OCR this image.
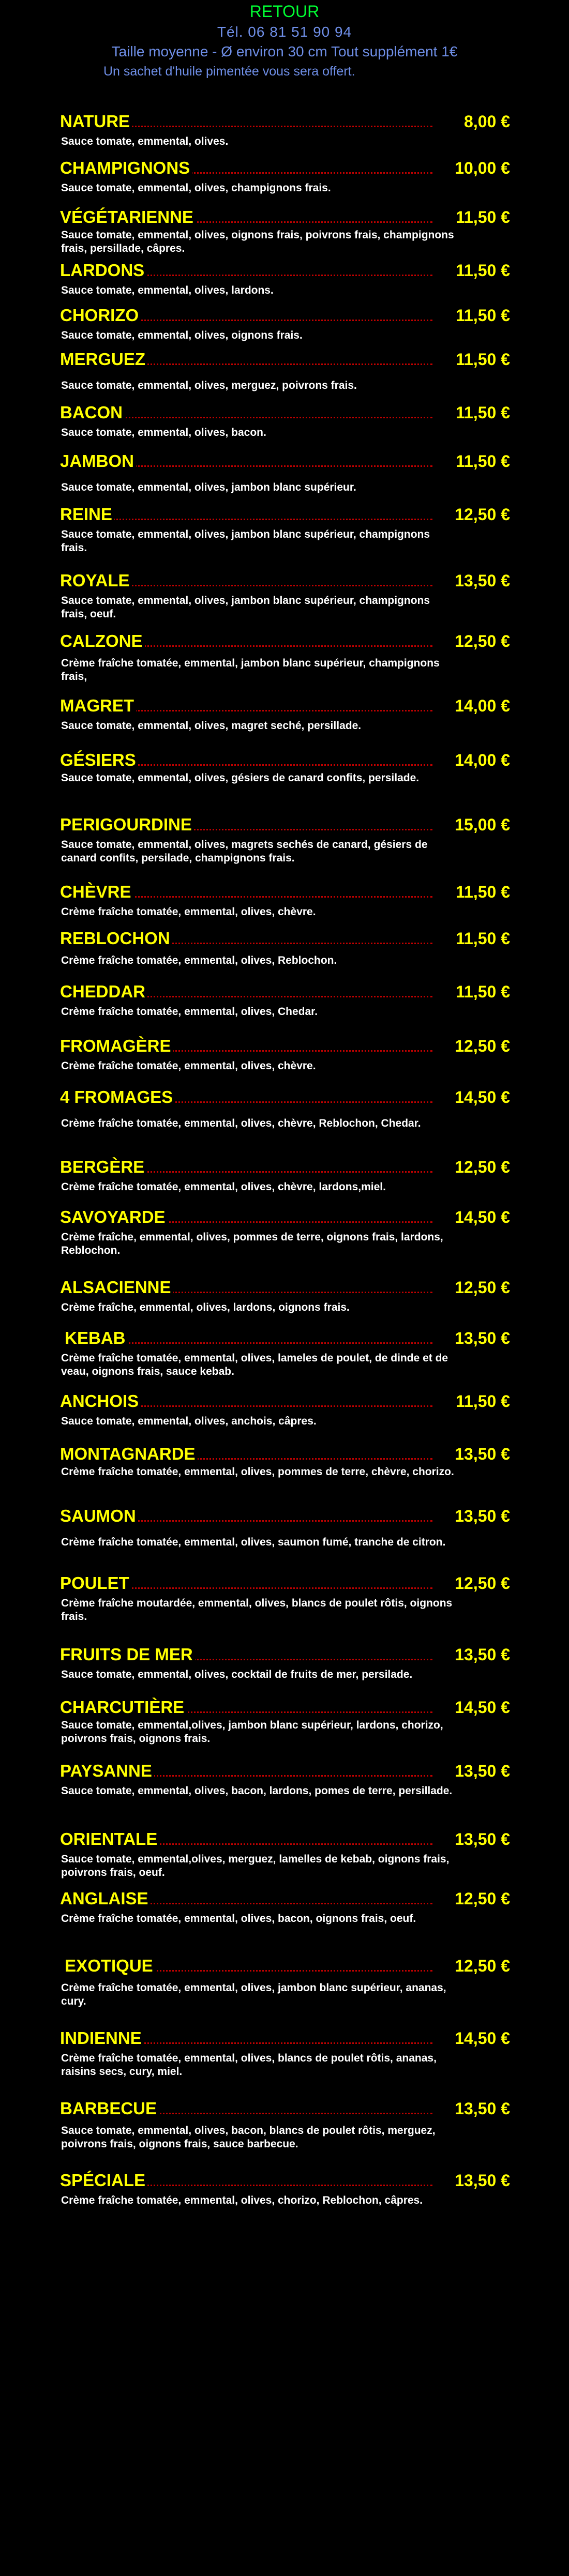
RETOUR
Tél. 06 81 51 90 94
Taille moyenne - Ø environ 30 cm Tout supplément 1€
Un sachet d'huile pimentée vous sera offert.
NATURE	8,00 €
Sauce tomate, emmental, olives.
CHAMPIGNONS	10,00 €
Sauce tomate, emmental, olives, champignons frais.
VÉGÉTARIENNE	11,50 €
Sauce tomate, emmental, olives, oignons frais, poivrons frais, champignons frais, persillade, câpres.
LARDONS	11,50 €
Sauce tomate, emmental, olives, lardons.
CHORIZO	11,50 €
Sauce tomate, emmental, olives, oignons frais.
MERGUEZ	11,50 €
Sauce tomate, emmental, olives, merguez, poivrons frais.
BACON	11,50 €
Sauce tomate, emmental, olives, bacon.
JAMBON	11,50 €
Sauce tomate, emmental, olives, jambon blanc supérieur.
REINE	12,50 €
Sauce tomate, emmental, olives, jambon blanc supérieur, champignons frais.
ROYALE	13,50 €
Sauce tomate, emmental, olives, jambon blanc supérieur, champignons frais, oeuf.
CALZONE	12,50 €
Crème fraîche tomatée, emmental, jambon blanc supérieur, champignons frais,
MAGRET	14,00 €
Sauce tomate, emmental, olives, magret seché, persillade.
GÉSIERS	14,00 €
Sauce tomate, emmental, olives, gésiers de canard confits, persilade.
PERIGOURDINE	15,00 €
Sauce tomate, emmental, olives, magrets sechés de canard, gésiers de canard confits, persilade, champignons frais.
CHÈVRE	11,50 €
Crème fraîche tomatée, emmental, olives, chèvre.
REBLOCHON	11,50 €
Crème fraîche tomatée, emmental, olives, Reblochon.
CHEDDAR	11,50 €
Crème fraîche tomatée, emmental, olives, Chedar.
FROMAGÈRE	12,50 €
Crème fraîche tomatée, emmental, olives, chèvre.
4 FROMAGES	14,50 €
Crème fraîche tomatée, emmental, olives, chèvre, Reblochon, Chedar.
BERGÈRE	12,50 €
Crème fraîche tomatée, emmental, olives, chèvre, lardons,miel.
SAVOYARDE	14,50 €
Crème fraîche, emmental, olives, pommes de terre, oignons frais, lardons, Reblochon.
ALSACIENNE	12,50 €
Crème fraîche, emmental, olives, lardons, oignons frais.
KEBAB	13,50 €
Crème fraîche tomatée, emmental, olives, lameles de poulet, de dinde et de veau, oignons frais, sauce kebab.
ANCHOIS	11,50 €
Sauce tomate, emmental, olives, anchois, câpres.
MONTAGNARDE	13,50 €
Crème fraîche tomatée, emmental, olives, pommes de terre, chèvre, chorizo.
SAUMON	13,50 €
Crème fraîche tomatée, emmental, olives, saumon fumé, tranche de citron.
POULET	12,50 €
Crème fraîche moutardée, emmental, olives, blancs de poulet rôtis, oignons frais.
FRUITS DE MER	13,50 €
Sauce tomate, emmental, olives, cocktail de fruits de mer, persilade.
CHARCUTIÈRE	14,50 €
Sauce tomate, emmental,olives, jambon blanc supérieur, lardons, chorizo, poivrons frais, oignons frais.
PAYSANNE	13,50 €
Sauce tomate, emmental, olives, bacon, lardons, pomes de terre, persillade.
ORIENTALE	13,50 €
Sauce tomate, emmental,olives, merguez, lamelles de kebab, oignons frais, poivrons frais, oeuf.
ANGLAISE	12,50 €
Crème fraîche tomatée, emmental, olives, bacon, oignons frais, oeuf.
EXOTIQUE	12,50 €
Crème fraîche tomatée, emmental, olives, jambon blanc supérieur, ananas, cury.
INDIENNE	14,50 €
Crème fraîche tomatée, emmental, olives, blancs de poulet rôtis, ananas, raisins secs, cury, miel.
BARBECUE	13,50 €
Sauce tomate, emmental, olives, bacon, blancs de poulet rôtis, merguez, poivrons frais, oignons frais, sauce barbecue.
SPÉCIALE	13,50 €
Crème fraîche tomatée, emmental, olives, chorizo, Reblochon, câpres.
